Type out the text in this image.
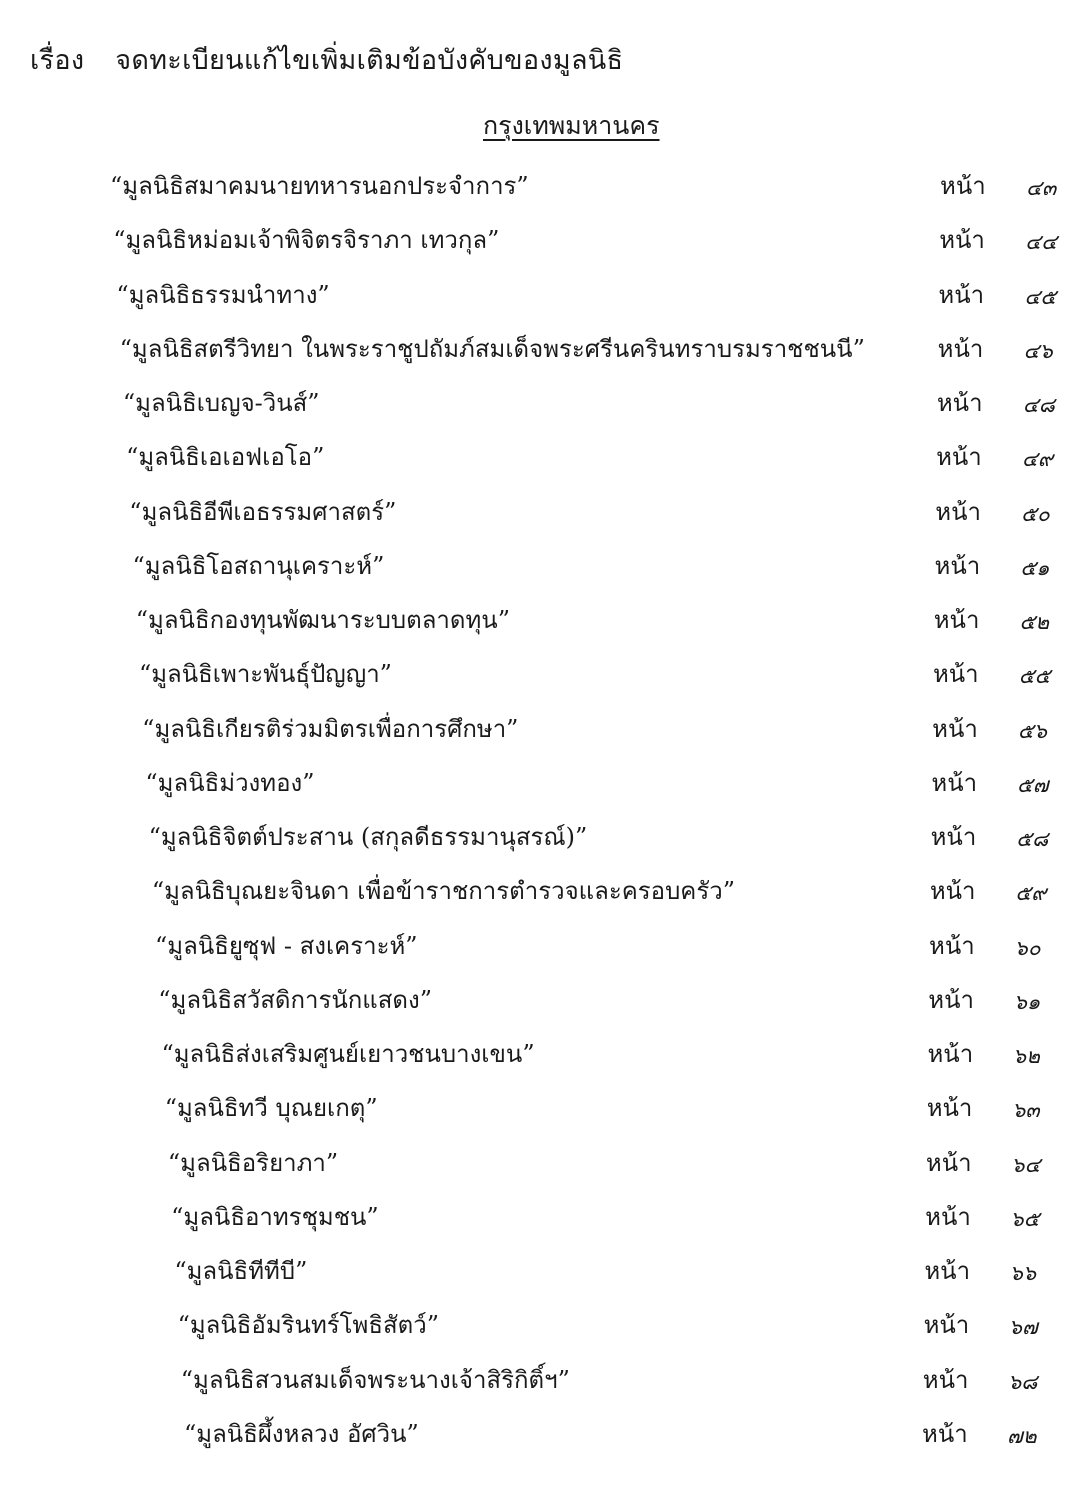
เรื่อง จดทะเบียนแก้ไขเพิ่มเติมข้อบังคับของมูลนิธิ
กรุงเทพมหานคร
“มูลนิธิสมาคมนายทหารนอกประจำการ”	หน้า ๔๓
“มูลนิธิหม่อมเจ้าพิจิตรจิราภา เทวกุล”	หน้า ๔๔
“มูลนิธิธรรมนำทาง”	หน้า ๔๕
“มูลนิธิสตรีวิทยา ในพระราชูปถัมภ์สมเด็จพระศรีนครินทราบรมราชชนนี”	หน้า ๔๖
“มูลนิธิเบญจ-วินส์”	หน้า ๔๘
“มูลนิธิเอเอฟเอโอ”	หน้า ๔๙
“มูลนิธิอีพีเอธรรมศาสตร์”	หน้า ๕๐
“มูลนิธิโอสถานุเคราะห์”	หน้า ๕๑
“มูลนิธิกองทุนพัฒนาระบบตลาดทุน”	หน้า ๕๒
“มูลนิธิเพาะพันธุ์ปัญญา”	หน้า ๕๕
“มูลนิธิเกียรติร่วมมิตรเพื่อการศึกษา”	หน้า ๕๖
“มูลนิธิม่วงทอง”	หน้า ๕๗
“มูลนิธิจิตต์ประสาน (สกุลดีธรรมานุสรณ์)”	หน้า ๕๘
“มูลนิธิบุณยะจินดา เพื่อข้าราชการตำรวจและครอบครัว”	หน้า ๕๙
“มูลนิธิยูซุฟ - สงเคราะห์”	หน้า ๖๐
“มูลนิธิสวัสดิการนักแสดง”	หน้า ๖๑
“มูลนิธิส่งเสริมศูนย์เยาวชนบางเขน”	หน้า ๖๒
“มูลนิธิทวี บุณยเกตุ”	หน้า ๖๓
“มูลนิธิอริยาภา”	หน้า ๖๔
“มูลนิธิอาทรชุมชน”	หน้า ๖๕
“มูลนิธิทีทีบี”	หน้า ๖๖
“มูลนิธิอัมรินทร์โพธิสัตว์”	หน้า ๖๗
“มูลนิธิสวนสมเด็จพระนางเจ้าสิริกิติ์ฯ”	หน้า ๖๘
“มูลนิธิผึ้งหลวง อัศวิน”	หน้า ๗๒
